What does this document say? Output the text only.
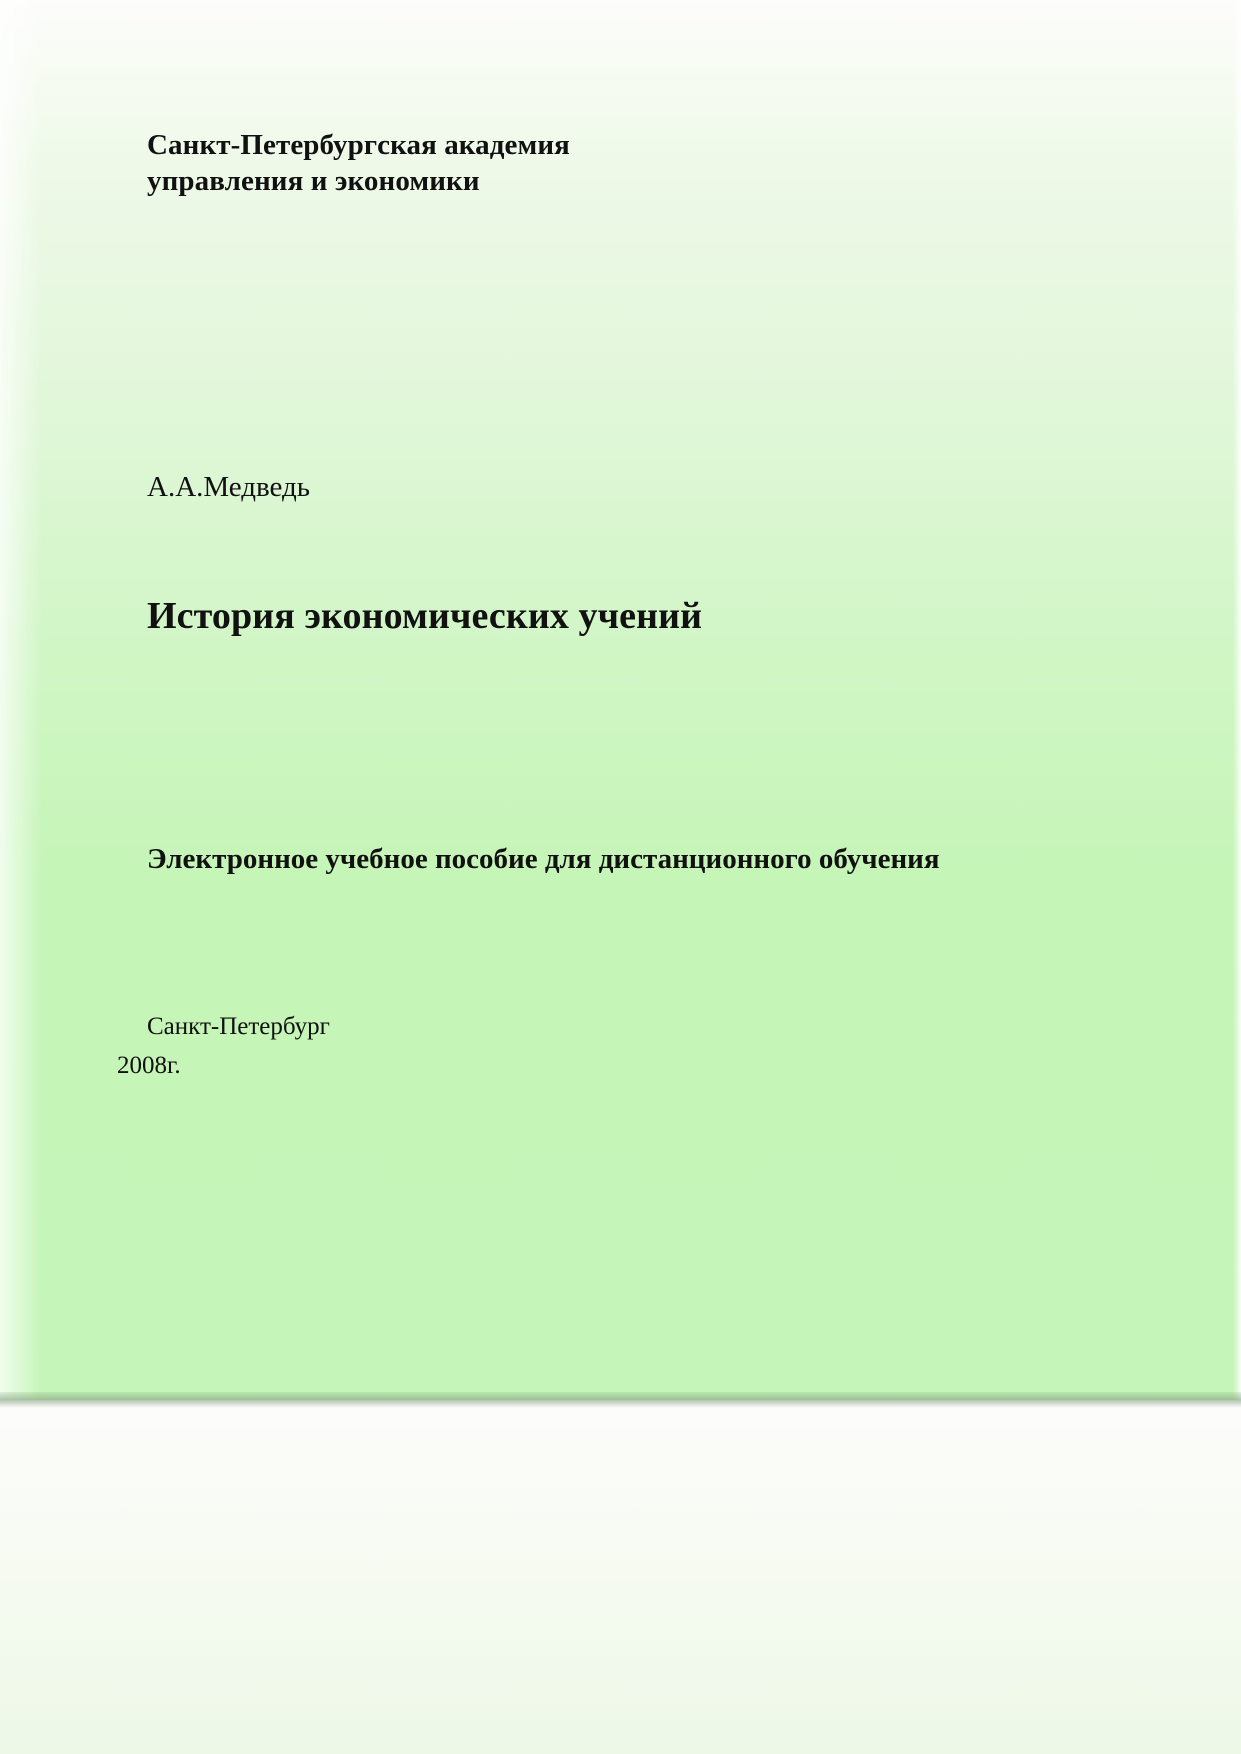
Санкт-Петербургская академия
управления и экономики
А.А.Медведь
История экономических учений
Электронное учебное пособие для дистанционного обучения
Санкт-Петербург
2008г.
